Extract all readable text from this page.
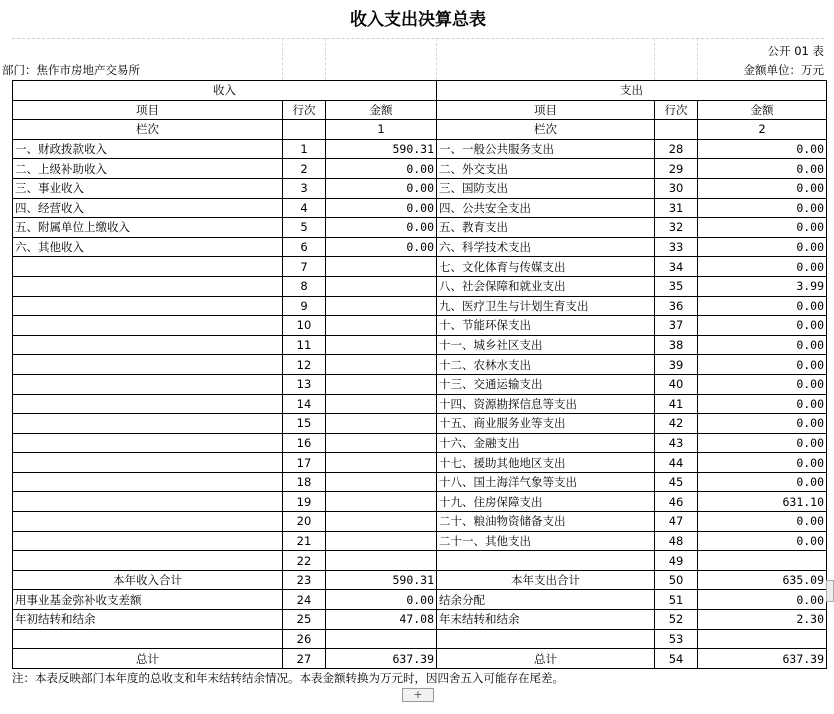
收入支出决算总表
公开 01 表
部门：焦作市房地产交易所	金额单位：万元
收入			支出		
项目	行次	金额	项目	行次	金额
栏次		1	栏次		2
一、财政拨款收入	1	590.31	一、一般公共服务支出	28	0.00
二、上级补助收入	2	0.00	二、外交支出	29	0.00
三、事业收入	3	0.00	三、国防支出	30	0.00
四、经营收入	4	0.00	四、公共安全支出	31	0.00
五、附属单位上缴收入	5	0.00	五、教育支出	32	0.00
六、其他收入	6	0.00	六、科学技术支出	33	0.00
	7		七、文化体育与传媒支出	34	0.00
	8		八、社会保障和就业支出	35	3.99
	9		九、医疗卫生与计划生育支出	36	0.00
	10		十、节能环保支出	37	0.00
	11		十一、城乡社区支出	38	0.00
	12		十二、农林水支出	39	0.00
	13		十三、交通运输支出	40	0.00
	14		十四、资源勘探信息等支出	41	0.00
	15		十五、商业服务业等支出	42	0.00
	16		十六、金融支出	43	0.00
	17		十七、援助其他地区支出	44	0.00
	18		十八、国土海洋气象等支出	45	0.00
	19		十九、住房保障支出	46	631.10
	20		二十、粮油物资储备支出	47	0.00
	21		二十一、其他支出	48	0.00
	22			49	
本年收入合计	23	590.31	本年支出合计	50	635.09
用事业基金弥补收支差额	24	0.00	结余分配	51	0.00
年初结转和结余	25	47.08	年末结转和结余	52	2.30
	26			53	
总计	27	637.39	总计	54	637.39
注：本表反映部门本年度的总收支和年末结转结余情况。本表金额转换为万元时，因四舍五入可能存在尾差。
+
